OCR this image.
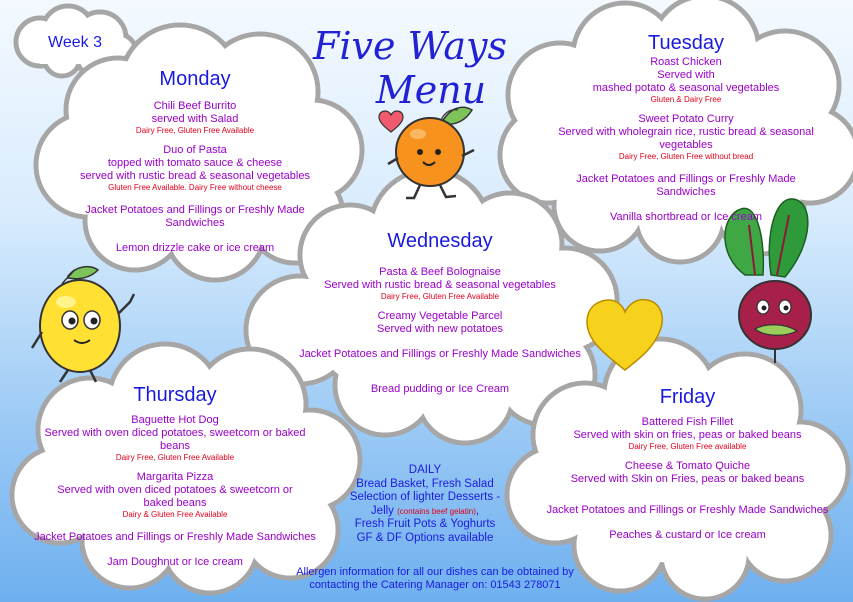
Week 3	Five Ways
Menu
Monday
Chili Beef Burrito
served with Salad
Dairy Free, Gluten Free Available
Duo of Pasta
topped with tomato sauce & cheese
served with rustic bread & seasonal vegetables
Gluten Free Available. Dairy Free without cheese
Jacket Potatoes and Fillings or Freshly Made Sandwiches
Lemon drizzle cake or ice cream
Tuesday
Roast Chicken
Served with
mashed potato & seasonal vegetables
Gluten & Dairy Free
Sweet Potato Curry
Served with wholegrain rice, rustic bread & seasonal vegetables
Dairy Free, Gluten Free without bread
Jacket Potatoes and Fillings or Freshly Made Sandwiches
Vanilla shortbread or Ice cream
Wednesday
Pasta & Beef Bolognaise
Served with rustic bread & seasonal vegetables
Dairy Free, Gluten Free Available
Creamy Vegetable Parcel
Served with new potatoes
Jacket Potatoes and Fillings or Freshly Made Sandwiches
Bread pudding or Ice Cream
Thursday
Baguette Hot Dog
Served with oven diced potatoes, sweetcorn or baked beans
Dairy Free, Gluten Free Available
Margarita Pizza
Served with oven diced potatoes & sweetcorn or baked beans
Dairy & Gluten Free Available
Jacket Potatoes and Fillings or Freshly Made Sandwiches
Jam Doughnut or Ice cream
Friday
Battered Fish Fillet
Served with skin on fries, peas or baked beans
Dairy Free, Gluten Free available
Cheese & Tomato Quiche
Served with Skin on Fries, peas or baked beans
Jacket Potatoes and Fillings or Freshly Made Sandwiches
Peaches & custard or Ice cream
DAILY
Bread Basket, Fresh Salad
Selection of lighter Desserts -
Jelly (contains beef gelatin),
Fresh Fruit Pots & Yoghurts
GF & DF Options available
Allergen information for all our dishes can be obtained by
contacting the Catering Manager on: 01543 278071
